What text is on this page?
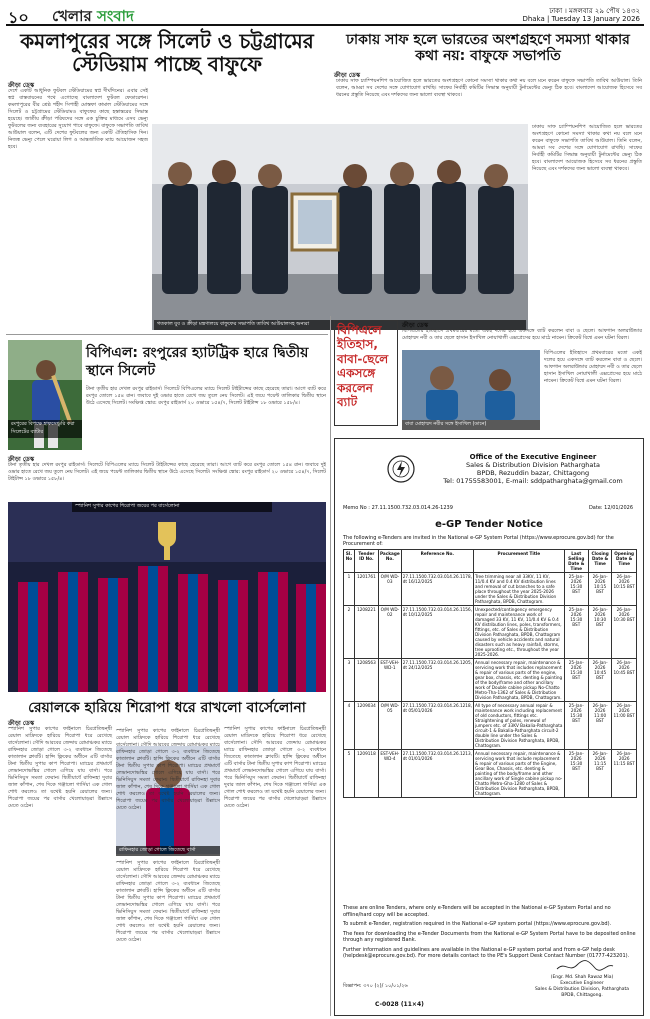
১০ খেলার সংবাদ	ঢাকা । মঙ্গলবার ২৯ পৌষ ১৪৩২
Dhaka | Tuesday 13 January 2026
কমলাপুরের সঙ্গে সিলেট ও চট্টগ্রামের স্টেডিয়াম পাচ্ছে বাফুফে
ক্রীড়া ডেস্ক
দেশে একটি আধুনিক ফুটবল স্টেডিয়ামের স্বপ্ন দীর্ঘদিনের। এবার সেই স্বপ্ন বাস্তবায়নের পথে এগোচ্ছে বাংলাদেশ ফুটবল ফেডারেশন। কমলাপুরের বীর শ্রেষ্ঠ শহীদ সিপাহী মোস্তফা কামাল স্টেডিয়ামের সঙ্গে সিলেট ও চট্টগ্রামের স্টেডিয়ামও বাফুফের কাছে হস্তান্তরের সিদ্ধান্ত হয়েছে। জাতীয় ক্রীড়া পরিষদের সঙ্গে এক চুক্তির মাধ্যমে এসব ভেন্যু ফুটবলের জন্য ব্যবহারের সুযোগ পাবে বাফুফে। বাফুফে সভাপতি তাবিথ আউয়াল বলেন, এটি দেশের ফুটবলের জন্য একটি ঐতিহাসিক দিন। নিজস্ব ভেন্যু পেলে ঘরোয়া লিগ ও আন্তর্জাতিক ম্যাচ আয়োজন সহজ হবে।
গতকাল যুব ও ক্রীড়া মন্ত্রণালয়ে বাফুফের সভাপতি তাবিথ আউয়ালসহ অন্যরা
ঢাকায় সাফ হলে ভারতের অংশগ্রহণে সমস্যা থাকার কথা নয়: বাফুফে সভাপতি
ক্রীড়া ডেস্ক
ঢাকায় সাফ চ্যাম্পিয়নশিপ আয়োজিত হলে ভারতের অংশগ্রহণে কোনো সমস্যা থাকার কথা নয় বলে মনে করেন বাফুফে সভাপতি তাবিথ আউয়াল। তিনি বলেন, আমরা সব দেশের সঙ্গে যোগাযোগ রাখছি। সাফের নির্বাহী কমিটির সিদ্ধান্ত অনুযায়ী টুর্নামেন্টের ভেন্যু ঠিক হবে। বাংলাদেশ আয়োজক হিসেবে সব ধরনের প্রস্তুতি নিয়েছে এবং দর্শকদের জন্য ভালো ব্যবস্থা থাকবে।
ঢাকায় সাফ চ্যাম্পিয়নশিপ আয়োজিত হলে ভারতের অংশগ্রহণে কোনো সমস্যা থাকার কথা নয় বলে মনে করেন বাফুফে সভাপতি তাবিথ আউয়াল। তিনি বলেন, আমরা সব দেশের সঙ্গে যোগাযোগ রাখছি। সাফের নির্বাহী কমিটির সিদ্ধান্ত অনুযায়ী টুর্নামেন্টের ভেন্যু ঠিক হবে। বাংলাদেশ আয়োজক হিসেবে সব ধরনের প্রস্তুতি নিয়েছে এবং দর্শকদের জন্য ভালো ব্যবস্থা থাকবে।
রংপুরের বিপক্ষে হাফসেঞ্চুরি করা সিলেটের ব্যাটার
বিপিএল: রংপুরের হ্যাটট্রিক হারে দ্বিতীয় স্থানে সিলেট
ক্রীড়া ডেস্ক
টানা তৃতীয় হার দেখল রংপুর রাইডার্স। সিলেটে বিপিএলের ম্যাচে সিলেট টাইটান্সের কাছে হেরেছে তারা। আগে ব্যাট করে রংপুর তোলে ১৫৪ রান। জবাবে দুই ওভার হাতে রেখে জয় তুলে নেয় সিলেট। এই জয়ে পয়েন্ট তালিকার দ্বিতীয় স্থানে উঠে এসেছে সিলেট। সংক্ষিপ্ত স্কোর: রংপুর রাইডার্স ২০ ওভারে ১৫৪/৭, সিলেট টাইটান্স ১৮ ওভারে ১৫৮/৪।
টানা তৃতীয় হার দেখল রংপুর রাইডার্স। সিলেটে বিপিএলের ম্যাচে সিলেট টাইটান্সের কাছে হেরেছে তারা। আগে ব্যাট করে রংপুর তোলে ১৫৪ রান। জবাবে দুই ওভার হাতে রেখে জয় তুলে নেয় সিলেট। এই জয়ে পয়েন্ট তালিকার দ্বিতীয় স্থানে উঠে এসেছে সিলেট। সংক্ষিপ্ত স্কোর: রংপুর রাইডার্স ২০ ওভারে ১৫৪/৭, সিলেট টাইটান্স ১৮ ওভারে ১৫৮/৪।
বিপিএলে ইতিহাস, বাবা-ছেলে একসঙ্গে করলেন ব্যাট
ক্রীড়া ডেস্ক
বিপিএলের ইতিহাসে প্রথমবারের মতো একই দলের হয়ে একসঙ্গে ব্যাট করলেন বাবা ও ছেলে। আফগান অলরাউন্ডার মোহাম্মদ নবী ও তার ছেলে হাসান ইসাখিল নোয়াখালী এক্সপ্রেসের হয়ে মাঠে নামেন। ক্রিকেট বিশ্বে এমন ঘটনা বিরল।
বাবা মোহাম্মদ নবীর সঙ্গে ইসাখিল (ডানে)
বিপিএলের ইতিহাসে প্রথমবারের মতো একই দলের হয়ে একসঙ্গে ব্যাট করলেন বাবা ও ছেলে। আফগান অলরাউন্ডার মোহাম্মদ নবী ও তার ছেলে হাসান ইসাখিল নোয়াখালী এক্সপ্রেসের হয়ে মাঠে নামেন। ক্রিকেট বিশ্বে এমন ঘটনা বিরল।
স্প্যানিশ সুপার কাপের শিরোপা জয়ের পর বার্সেলোনা
রেয়ালকে হারিয়ে শিরোপা ধরে রাখলো বার্সেলোনা
ক্রীড়া ডেস্ক
স্প্যানিশ সুপার কাপের ফাইনালে চিরপ্রতিদ্বন্দ্বী রেয়াল মাদ্রিদকে হারিয়ে শিরোপা ধরে রেখেছে বার্সেলোনা। সৌদি আরবের জেদ্দায় রোমাঞ্চকর ম্যাচে রাফিনহার জোড়া গোলে ৩-২ ব্যবধানে জিতেছে কাতালান ক্লাবটি। হান্সি ফ্লিকের অধীনে এটি বার্সার টানা দ্বিতীয় সুপার কাপ শিরোপা। ম্যাচের প্রথমার্ধে লেভানদোভস্কির গোলে এগিয়ে যায় বার্সা। পরে ভিনিসিয়ুস সমতা ফেরান। দ্বিতীয়ার্ধে রাফিনহা দুবার জাল কাঁপান, শেষ দিকে গঞ্জালো গার্সিয়া এক গোল শোধ করলেও তা যথেষ্ট হয়নি রেয়ালের জন্য। শিরোপা জয়ের পর বার্সার খেলোয়াড়রা উল্লাসে মেতে ওঠেন।
রাফিনহার জোড়া গোলে জিতেছে বার্সা
স্প্যানিশ সুপার কাপের ফাইনালে চিরপ্রতিদ্বন্দ্বী রেয়াল মাদ্রিদকে হারিয়ে শিরোপা ধরে রেখেছে বার্সেলোনা। সৌদি আরবের জেদ্দায় রোমাঞ্চকর ম্যাচে রাফিনহার জোড়া গোলে ৩-২ ব্যবধানে জিতেছে কাতালান ক্লাবটি। হান্সি ফ্লিকের অধীনে এটি বার্সার টানা দ্বিতীয় সুপার কাপ শিরোপা। ম্যাচের প্রথমার্ধে লেভানদোভস্কির গোলে এগিয়ে যায় বার্সা। পরে ভিনিসিয়ুস সমতা ফেরান। দ্বিতীয়ার্ধে রাফিনহা দুবার জাল কাঁপান, শেষ দিকে গঞ্জালো গার্সিয়া এক গোল শোধ করলেও তা যথেষ্ট হয়নি রেয়ালের জন্য। শিরোপা জয়ের পর বার্সার খেলোয়াড়রা উল্লাসে মেতে ওঠেন।
স্প্যানিশ সুপার কাপের ফাইনালে চিরপ্রতিদ্বন্দ্বী রেয়াল মাদ্রিদকে হারিয়ে শিরোপা ধরে রেখেছে বার্সেলোনা। সৌদি আরবের জেদ্দায় রোমাঞ্চকর ম্যাচে রাফিনহার জোড়া গোলে ৩-২ ব্যবধানে জিতেছে কাতালান ক্লাবটি। হান্সি ফ্লিকের অধীনে এটি বার্সার টানা দ্বিতীয় সুপার কাপ শিরোপা। ম্যাচের প্রথমার্ধে লেভানদোভস্কির গোলে এগিয়ে যায় বার্সা। পরে ভিনিসিয়ুস সমতা ফেরান। দ্বিতীয়ার্ধে রাফিনহা দুবার জাল কাঁপান, শেষ দিকে গঞ্জালো গার্সিয়া এক গোল শোধ করলেও তা যথেষ্ট হয়নি রেয়ালের জন্য। শিরোপা জয়ের পর বার্সার খেলোয়াড়রা উল্লাসে মেতে ওঠেন।
স্প্যানিশ সুপার কাপের ফাইনালে চিরপ্রতিদ্বন্দ্বী রেয়াল মাদ্রিদকে হারিয়ে শিরোপা ধরে রেখেছে বার্সেলোনা। সৌদি আরবের জেদ্দায় রোমাঞ্চকর ম্যাচে রাফিনহার জোড়া গোলে ৩-২ ব্যবধানে জিতেছে কাতালান ক্লাবটি। হান্সি ফ্লিকের অধীনে এটি বার্সার টানা দ্বিতীয় সুপার কাপ শিরোপা। ম্যাচের প্রথমার্ধে লেভানদোভস্কির গোলে এগিয়ে যায় বার্সা। পরে ভিনিসিয়ুস সমতা ফেরান। দ্বিতীয়ার্ধে রাফিনহা দুবার জাল কাঁপান, শেষ দিকে গঞ্জালো গার্সিয়া এক গোল শোধ করলেও তা যথেষ্ট হয়নি রেয়ালের জন্য। শিরোপা জয়ের পর বার্সার খেলোয়াড়রা উল্লাসে মেতে ওঠেন।
Office of the Executive Engineer
Sales & Distribution Division Patharghata
BPDB, Rezuddin bazar, Chittagong
Tel: 01755583001, E-mail: sddpatharghata@gmail.com
Memo No : 27.11.1500.732.03.014.26-1239	Date: 12/01/2026
e-GP Tender Notice
The following e-Tenders are invited in the National e-GP System Portal (https://www.eprocure.gov.bd) for the Procurement of:
Sl. No	Tender ID No.	Package No.	Reference No.	Procurement Title	Last Selling Date & Time	Closing Date & Time	Opening Date & Time
1	1201761	O/M WD-03	27.11.1500.732.03.014.26.1178, dt 16/12/2025	Tree trimming near all 33KV, 11 KV, 11/0.4 KV and 0.4 KV distribution lines and removal of cut branches to a safe place throughout the year 2025-2026 under the Sales & Distribution Division Patharghata, BPDB, Chattogram.	25-Jan-2026 15:30 BST	26-Jan-2026 10:15 BST	26-Jan-2026 10:15 BST
2	1208221	O/M WD-02	27.11.1500.732.03.014.26.1156, dt 10/12/2025	Unexpected/contingency emergency repair and maintenance work of damaged 33 KV, 11 KV, 11/0.4 KV & 0.4 KV distribution lines, poles, transformers, fittings, etc. of Sales & Distribution Division Patharghata, BPDB, Chattogram caused by vehicle accidents and natural disasters such as heavy rainfall, storms, tree uprooting etc., throughout the year 2025-2026.	25-Jan-2026 15:30 BST	26-Jan-2026 10:30 BST	26-Jan-2026 10:30 BST
3	1208563	EST-VEH-WD-1	27.11.1500.732.03.014.26.1205, dt 24/12/2025	Annual necessary repair, maintenance & servicing work that includes replacement & repair of various parts of the engine, gear box, chassis, etc. denting & painting of the body/frame and other ancillary work of Double cabine pickup No-Chatto Metro-Tha-1362 of Sales & Distribution Division Patharghata, BPDB, Chattogram.	25-Jan-2026 15:30 BST	26-Jan-2026 10:45 BST	26-Jan-2026 10:45 BST
4	1209034	O/M WD-05	27.11.1500.732.03.014.26.1218, dt 05/01/2026	All type of necessary annual repair & maintenance work including replacement of old conductors, fittings etc. Straightening of poles, renewal of jumpers etc. of 33KV Bakalia-Patharghata circuit-1 & Bakalia-Patharghata circuit-2 double line under the Sales & Distribution Division Patharghata, BPDB, Chattogram.	25-Jan-2026 15:30 BST	26-Jan-2026 11:00 BST	26-Jan-2026 11:00 BST
5	1209118	EST-VEH-WD-4	27.11.1500.732.03.014.26.1213, dt 01/01/2026	Annual necessary repair, maintenance & servicing work that include replacement & repair of various parts of the Engine, Gear Box, Chassis, etc. denting & painting of the body/frame and other ancillary work of Single cabine pickup no- Chatto Metro-Gha-1280 of Sales & Distribution Division Patharghata, BPDB, Chattogram.	25-Jan-2026 15:30 BST	26-Jan-2026 11:15 BST	26-Jan-2026 11:15 BST

These are online Tenders, where only e-Tenders will be accepted in the National e-GP System Portal and no offline/hard copy will be accepted.

To submit e-Tender, registration required in the National e-GP system portal (https://www.eprocure.gov.bd).

The fees for downloading the e-Tender Documents from the National e-GP System Portal have to be deposited online through any registered Bank.

Further information and guidelines are available in the National e-GP system portal and from e-GP help desk (helpdesk@eprocure.gov.bd). For more details contact to the PE's Support Desk Contact Number (01777-423201).

বিজ্ঞাপন: ৩৭০ (২)/ ১০/০১/২৬
(Engr. Md. Shah Rawaz Mia)
Executive Engineer
Sales & Distribution Division, Patharghata
BPDB, Chittagong.
C-0028 (11×4)
